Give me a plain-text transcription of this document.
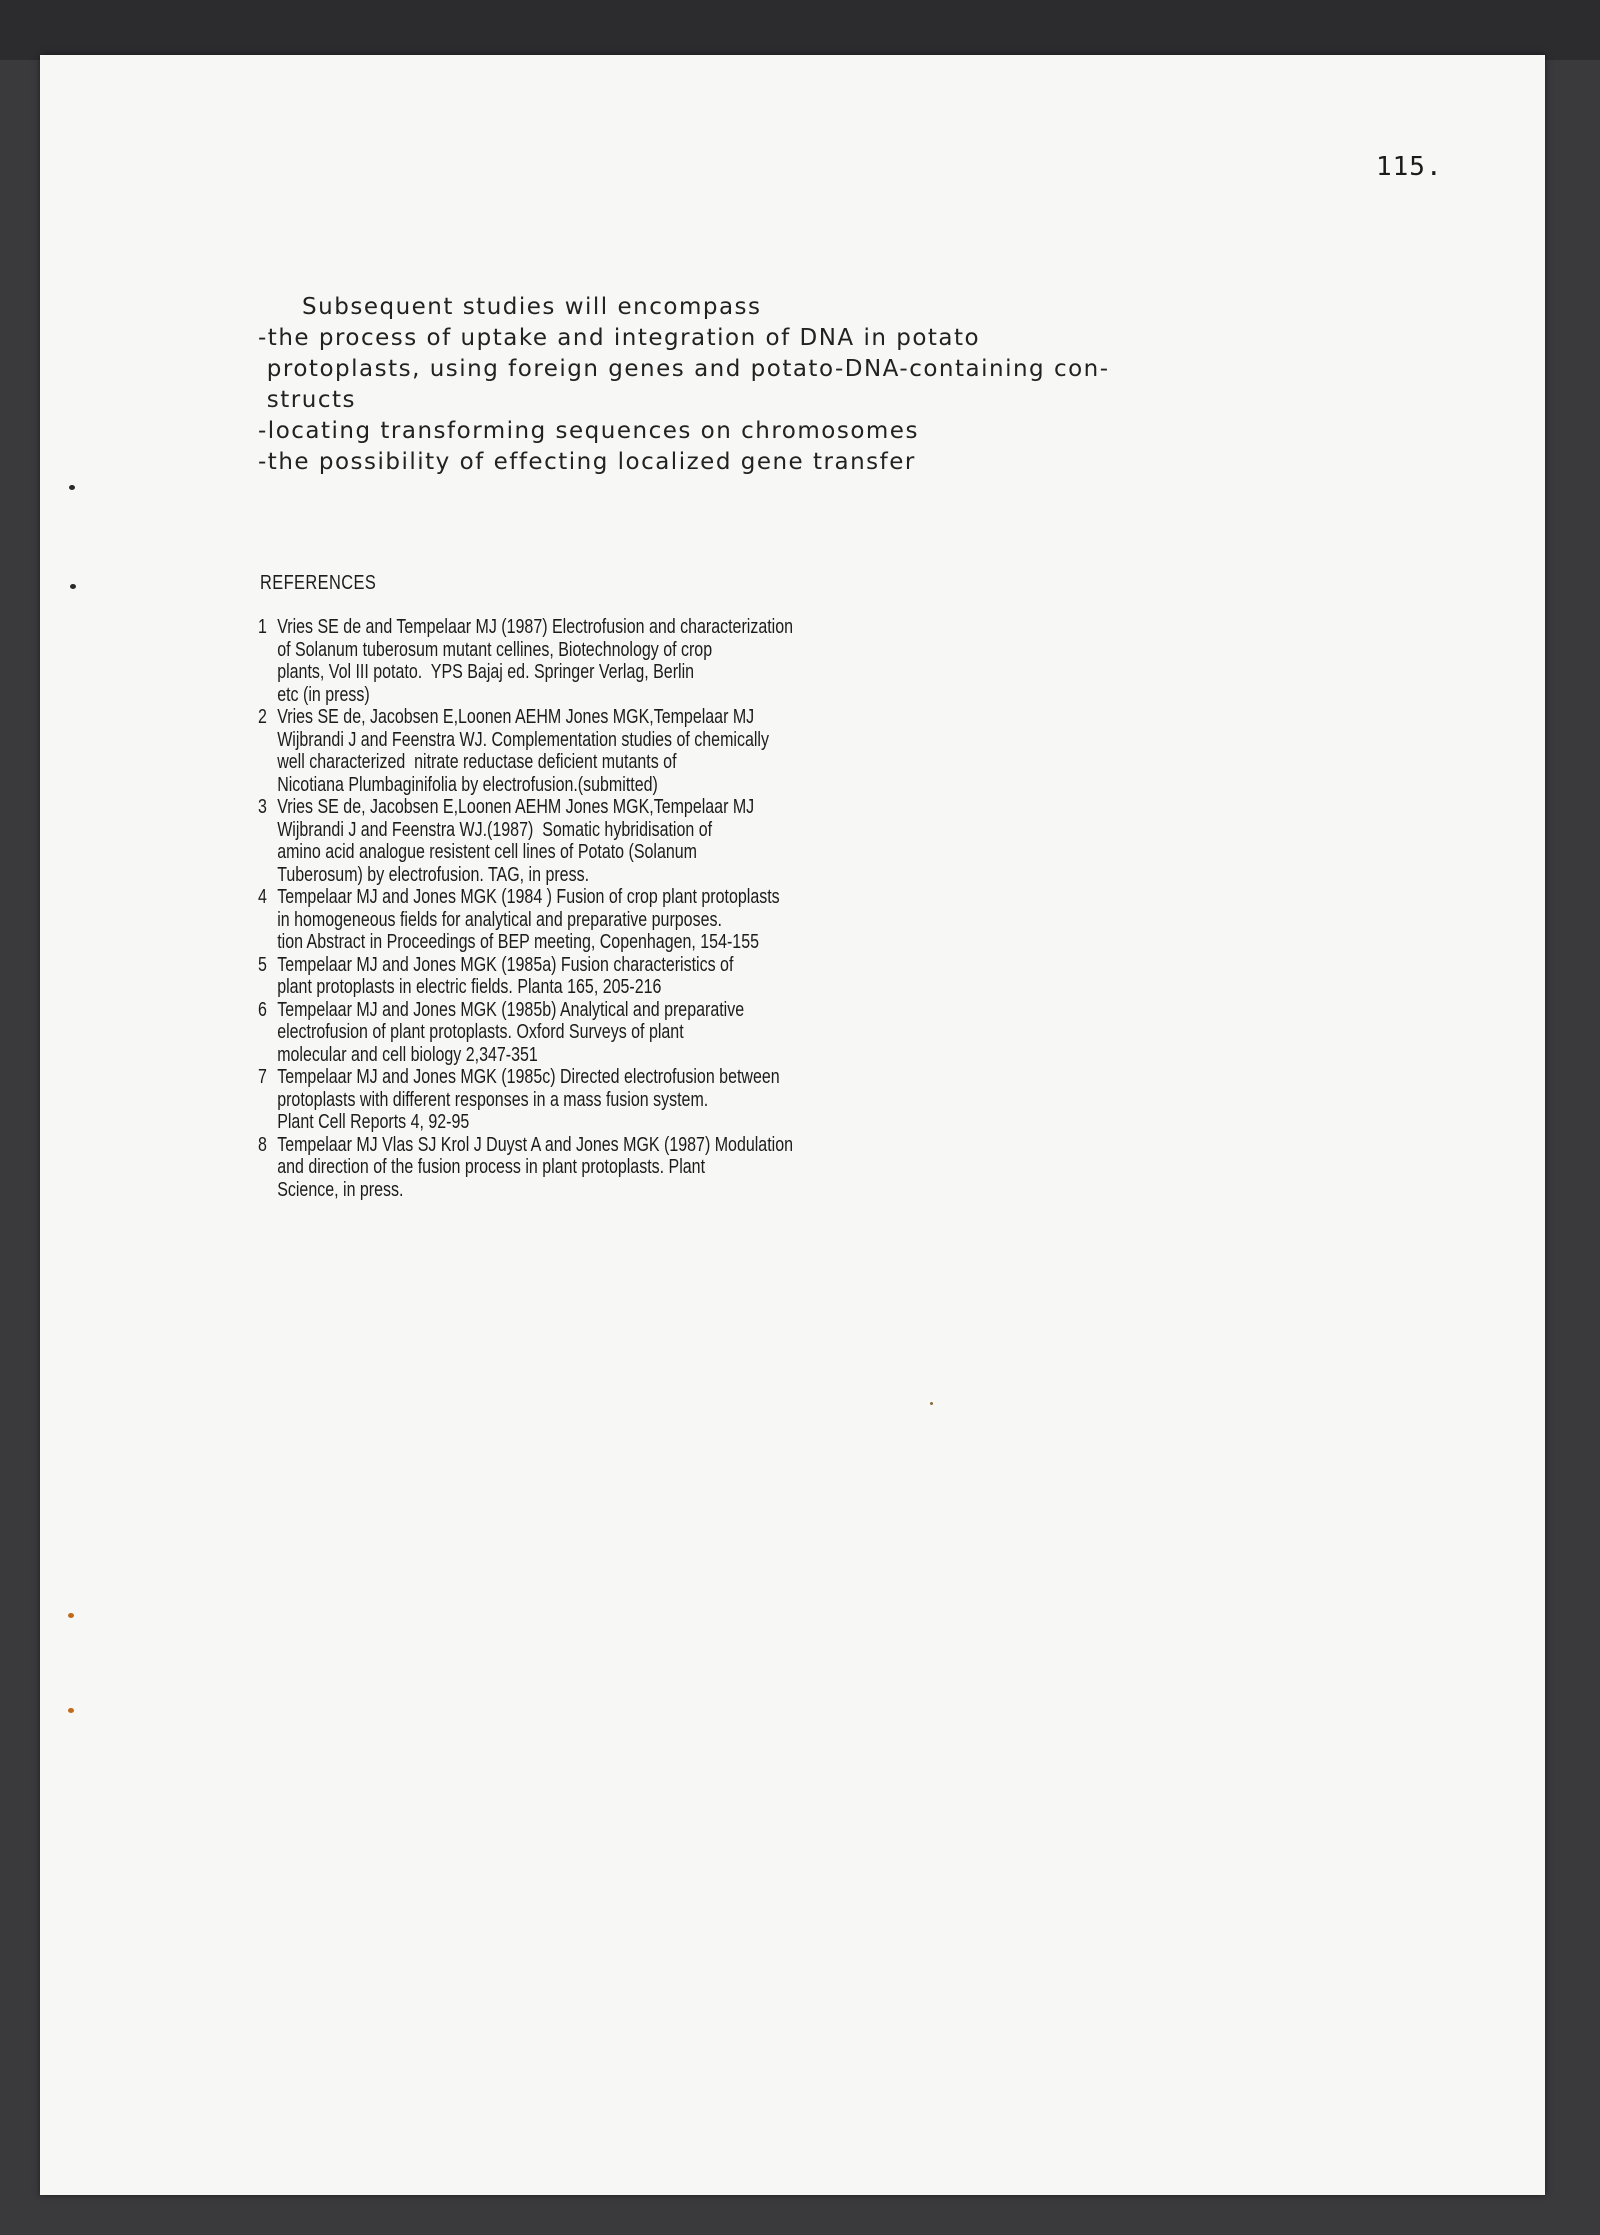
115.
Subsequent studies will encompass
-the process of uptake and integration of DNA in potato
protoplasts, using foreign genes and potato-DNA-containing con-
structs
-locating transforming sequences on chromosomes
-the possibility of effecting localized gene transfer
REFERENCES
1 Vries SE de and Tempelaar MJ (1987) Electrofusion and characterization
of Solanum tuberosum mutant cellines, Biotechnology of crop
plants, Vol III potato.  YPS Bajaj ed. Springer Verlag, Berlin
etc (in press)
2 Vries SE de, Jacobsen E,Loonen AEHM Jones MGK,Tempelaar MJ
Wijbrandi J and Feenstra WJ. Complementation studies of chemically
well characterized  nitrate reductase deficient mutants of
Nicotiana Plumbaginifolia by electrofusion.(submitted)
3 Vries SE de, Jacobsen E,Loonen AEHM Jones MGK,Tempelaar MJ
Wijbrandi J and Feenstra WJ.(1987)  Somatic hybridisation of
amino acid analogue resistent cell lines of Potato (Solanum
Tuberosum) by electrofusion. TAG, in press.
4 Tempelaar MJ and Jones MGK (1984 ) Fusion of crop plant protoplasts
in homogeneous fields for analytical and preparative purposes.
tion Abstract in Proceedings of BEP meeting, Copenhagen, 154-155
5 Tempelaar MJ and Jones MGK (1985a) Fusion characteristics of
plant protoplasts in electric fields. Planta 165, 205-216
6 Tempelaar MJ and Jones MGK (1985b) Analytical and preparative
electrofusion of plant protoplasts. Oxford Surveys of plant
molecular and cell biology 2,347-351
7 Tempelaar MJ and Jones MGK (1985c) Directed electrofusion between
protoplasts with different responses in a mass fusion system.
Plant Cell Reports 4, 92-95
8 Tempelaar MJ Vlas SJ Krol J Duyst A and Jones MGK (1987) Modulation
and direction of the fusion process in plant protoplasts. Plant
Science, in press.
